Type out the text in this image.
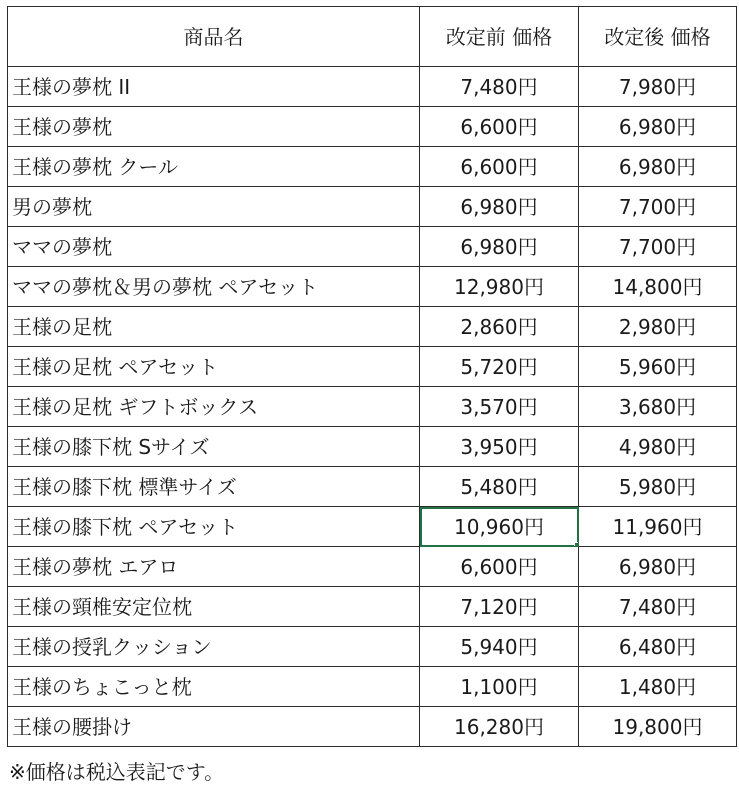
商品名	改定前 価格	改定後 価格
王様の夢枕 II	7,480円	7,980円
王様の夢枕	6,600円	6,980円
王様の夢枕 クール	6,600円	6,980円
男の夢枕	6,980円	7,700円
ママの夢枕	6,980円	7,700円
ママの夢枕＆男の夢枕 ペアセット	12,980円	14,800円
王様の足枕	2,860円	2,980円
王様の足枕 ペアセット	5,720円	5,960円
王様の足枕 ギフトボックス	3,570円	3,680円
王様の膝下枕 Sサイズ	3,950円	4,980円
王様の膝下枕 標準サイズ	5,480円	5,980円
王様の膝下枕 ペアセット	10,960円	11,960円
王様の夢枕 エアロ	6,600円	6,980円
王様の頸椎安定位枕	7,120円	7,480円
王様の授乳クッション	5,940円	6,480円
王様のちょこっと枕	1,100円	1,480円
王様の腰掛け	16,280円	19,800円
※価格は税込表記です。
